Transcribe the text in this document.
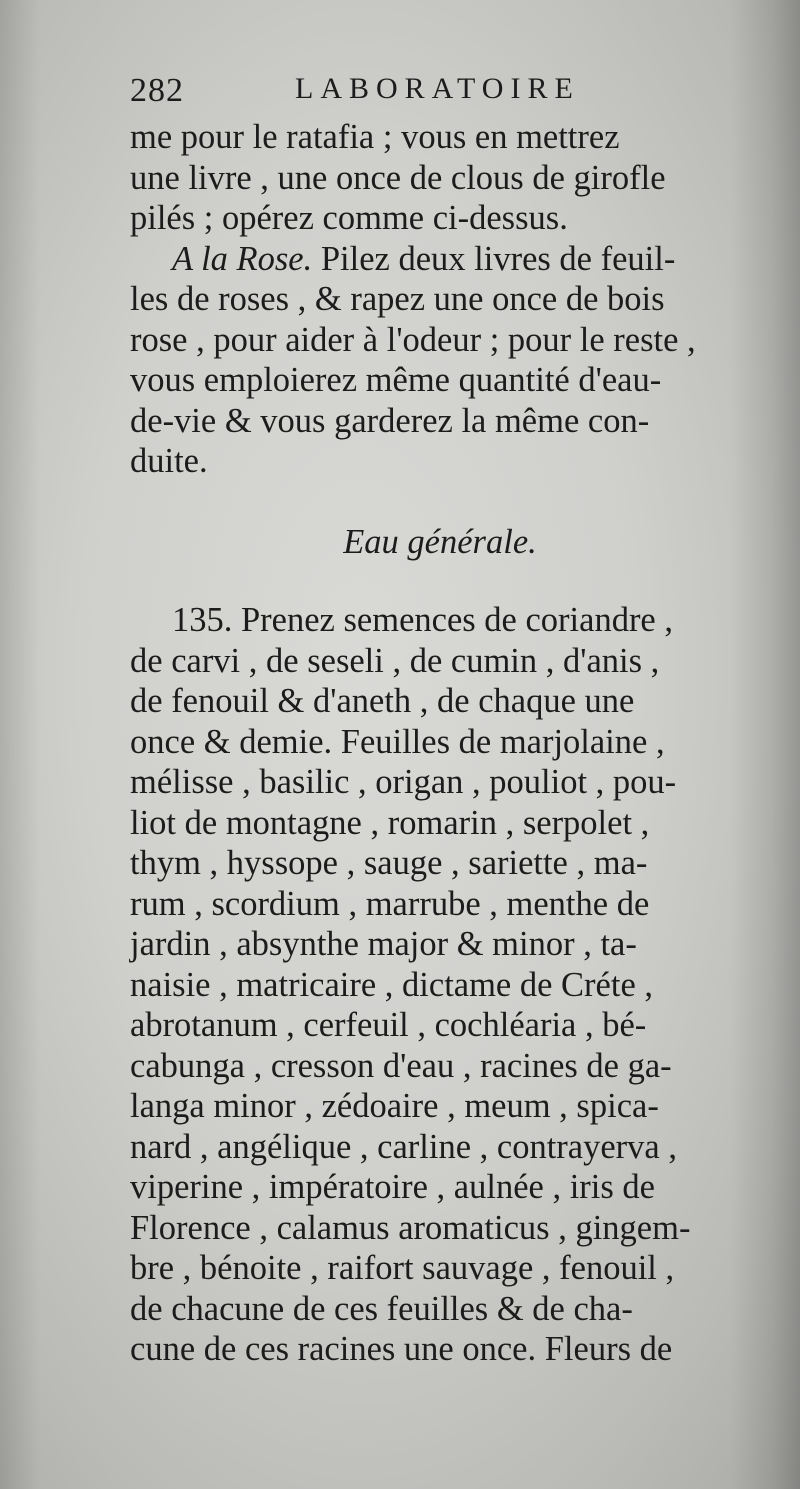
282	LABORATOIRE
me pour le ratafia ; vous en mettrez
une livre , une once de clous de girofle
pilés ; opérez comme ci-dessus.
A la Rose. Pilez deux livres de feuil-
les de roses , & rapez une once de bois
rose , pour aider à l'odeur ; pour le reste ,
vous emploierez même quantité d'eau-
de-vie & vous garderez la même con-
duite.
Eau générale.
135. Prenez semences de coriandre ,
de carvi , de seseli , de cumin , d'anis ,
de fenouil & d'aneth , de chaque une
once & demie. Feuilles de marjolaine ,
mélisse , basilic , origan , pouliot , pou-
liot de montagne , romarin , serpolet ,
thym , hyssope , sauge , sariette , ma-
rum , scordium , marrube , menthe de
jardin , absynthe major & minor , ta-
naisie , matricaire , dictame de Créte ,
abrotanum , cerfeuil , cochléaria , bé-
cabunga , cresson d'eau , racines de ga-
langa minor , zédoaire , meum , spica-
nard , angélique , carline , contrayerva ,
viperine , impératoire , aulnée , iris de
Florence , calamus aromaticus , gingem-
bre , bénoite , raifort sauvage , fenouil ,
de chacune de ces feuilles & de cha-
cune de ces racines une once. Fleurs de
